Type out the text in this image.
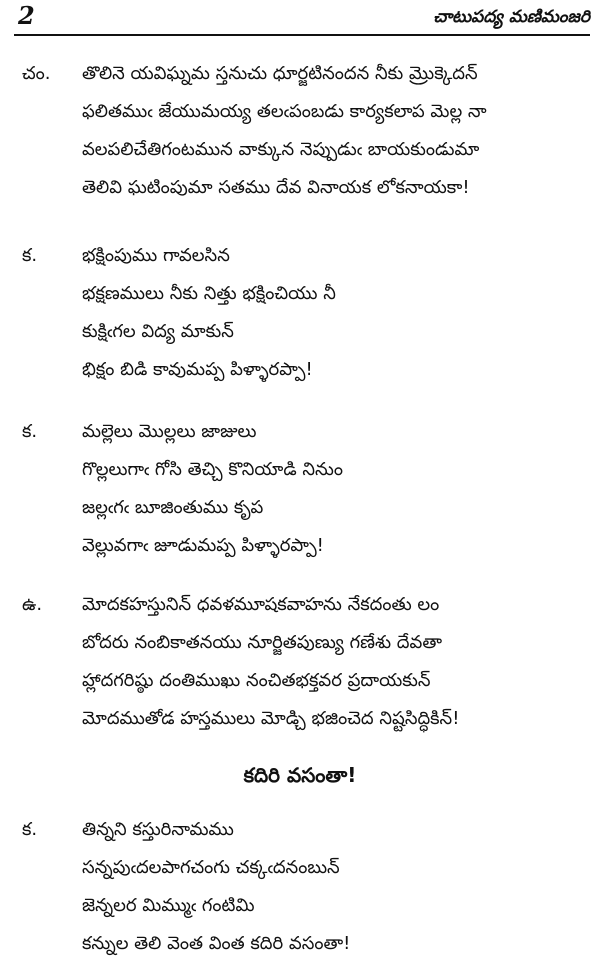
2	చాటుపద్య మణిమంజరి
చం. తొలినె యవిఘ్నమ స్తనుచు ధూర్జటినందన నీకు మ్రొక్కెదన్
ఫలితముఁ జేయుమయ్య తలఁపంబడు కార్యకలాప మెల్ల నా
వలపలిచేతిగంటమున వాక్కున నెప్పుడుఁ బాయకుండుమా
తెలివి ఘటింపుమా సతము దేవ వినాయక లోకనాయకా!
క. భక్షింపుము గావలసిన
భక్షణములు నీకు నిత్తు భక్షించియు నీ
కుక్షిఁగల విద్య మాకున్
భిక్షం బిడి కావుమప్ప పిళ్ళారప్పా!
క. మల్లెలు మొల్లలు జాజులు
గొల్లలుగాఁ గోసి తెచ్చి కొనియాడి నినుం
జల్లఁగఁ బూజింతుము కృప
వెల్లువగాఁ జూడుమప్ప పిళ్ళారప్పా!
ఉ. మోదకహస్తునిన్ ధవళమూషకవాహను నేకదంతు లం
బోదరు నంబికాతనయు నూర్జితపుణ్యు గణేశు దేవతా
హ్లాదగరిష్ఠు దంతిముఖు నంచితభక్తవర ప్రదాయకున్
మోదముతోడ హస్తములు మోడ్చి భజించెద నిష్టసిద్ధికిన్!
కదిరి వసంతా!
క. తిన్నని కస్తురినామము
సన్నపుఁదలపాగచంగు చక్కఁదనంబున్
జెన్నలర మిమ్ముఁ గంటిమి
కన్నుల తెలి వెంత వింత కదిరి వసంతా!
